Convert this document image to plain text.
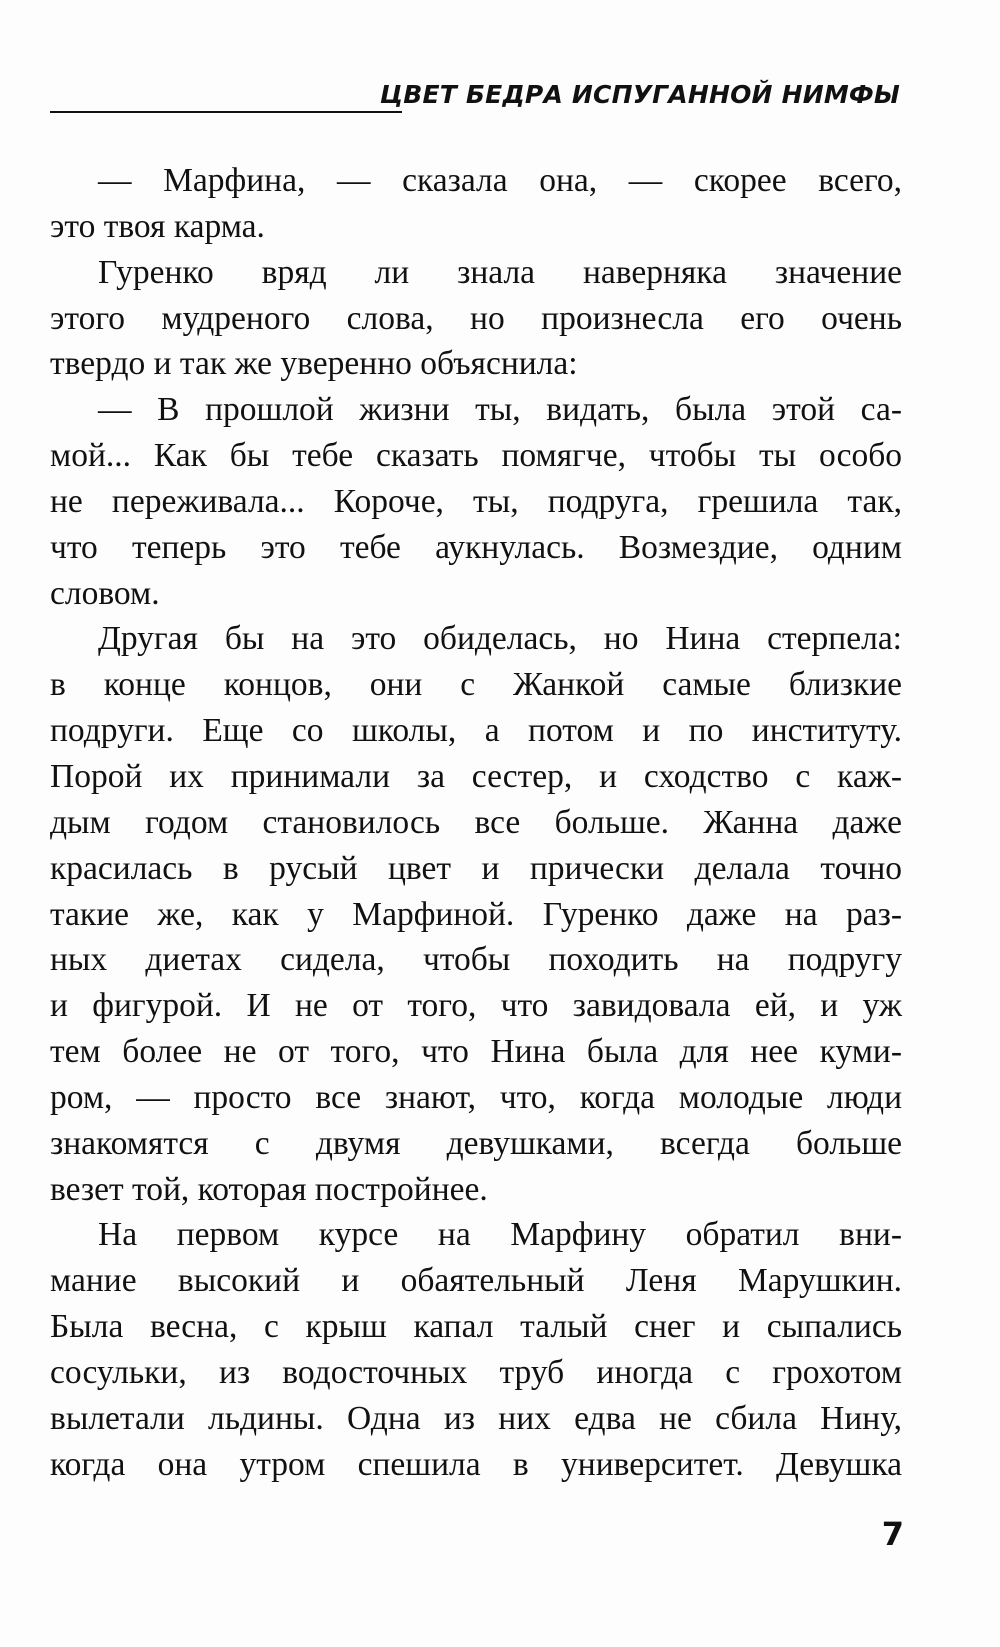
ЦВЕТ БЕДРА ИСПУГАННОЙ НИМФЫ
— Марфина, — сказала она, — скорее всего,
это твоя карма.
Гуренко вряд ли знала наверняка значение
этого мудреного слова, но произнесла его очень
твердо и так же уверенно объяснила:
— В прошлой жизни ты, видать, была этой са-
мой... Как бы тебе сказать помягче, чтобы ты особо
не переживала... Короче, ты, подруга, грешила так,
что теперь это тебе аукнулась. Возмездие, одним
словом.
Другая бы на это обиделась, но Нина стерпела:
в конце концов, они с Жанкой самые близкие
подруги. Еще со школы, а потом и по институту.
Порой их принимали за сестер, и сходство с каж-
дым годом становилось все больше. Жанна даже
красилась в русый цвет и прически делала точно
такие же, как у Марфиной. Гуренко даже на раз-
ных диетах сидела, чтобы походить на подругу
и фигурой. И не от того, что завидовала ей, и уж
тем более не от того, что Нина была для нее куми-
ром, — просто все знают, что, когда молодые люди
знакомятся с двумя девушками, всегда больше
везет той, которая постройнее.
На первом курсе на Марфину обратил вни-
мание высокий и обаятельный Леня Марушкин.
Была весна, с крыш капал талый снег и сыпались
сосульки, из водосточных труб иногда с грохотом
вылетали льдины. Одна из них едва не сбила Нину,
когда она утром спешила в университет. Девушка
7
